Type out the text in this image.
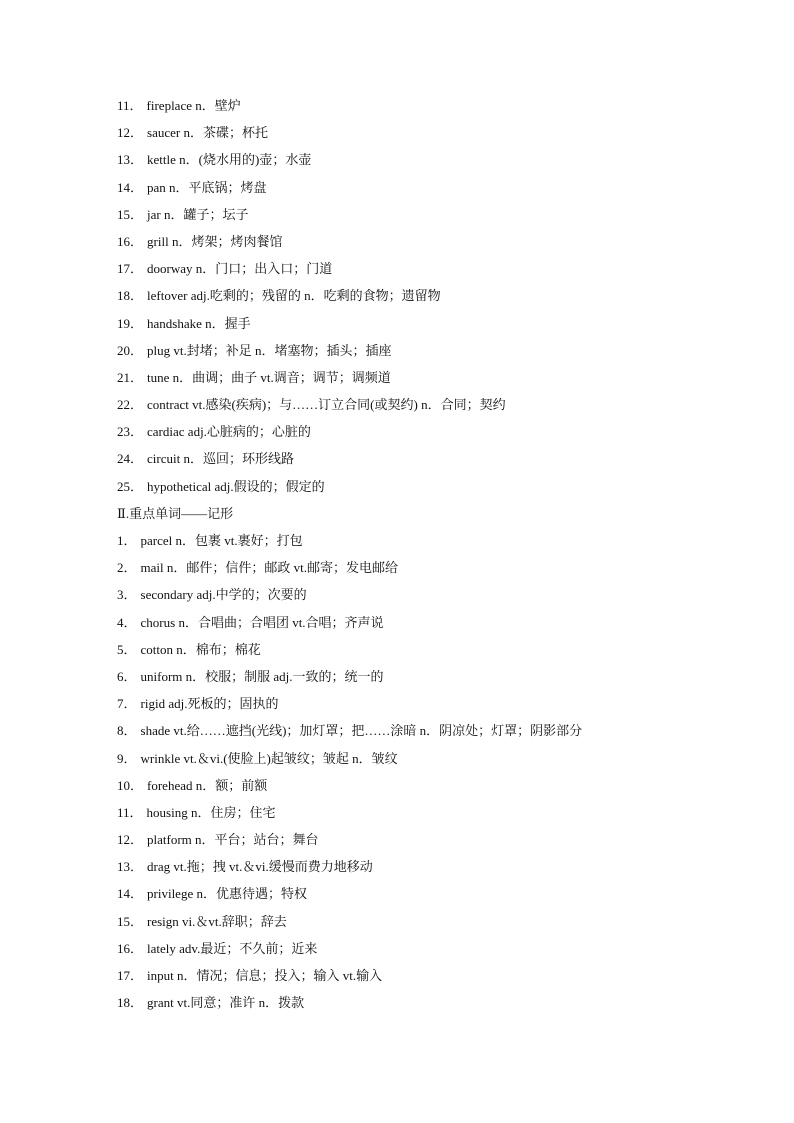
11． fireplace n．壁炉
12． saucer n．茶碟；杯托
13． kettle n．(烧水用的)壶；水壶
14． pan n．平底锅；烤盘
15． jar n．罐子；坛子
16． grill n．烤架；烤肉餐馆
17． doorway n．门口；出入口；门道
18． leftover adj.吃剩的；残留的 n．吃剩的食物；遗留物
19． handshake n．握手
20． plug vt.封堵；补足 n．堵塞物；插头；插座
21． tune n．曲调；曲子 vt.调音；调节；调频道
22． contract vt.感染(疾病)；与……订立合同(或契约) n．合同；契约
23． cardiac adj.心脏病的；心脏的
24． circuit n．巡回；环形线路
25． hypothetical adj.假设的；假定的
Ⅱ.重点单词——记形
1． parcel n．包裹 vt.裹好；打包
2． mail n．邮件；信件；邮政 vt.邮寄；发电邮给
3． secondary adj.中学的；次要的
4． chorus n．合唱曲；合唱团 vt.合唱；齐声说
5． cotton n．棉布；棉花
6． uniform n．校服；制服 adj.一致的；统一的
7． rigid adj.死板的；固执的
8． shade vt.给……遮挡(光线)；加灯罩；把……涂暗 n．阴凉处；灯罩；阴影部分
9． wrinkle vt.＆vi.(使脸上)起皱纹；皱起 n．皱纹
10． forehead n．额；前额
11． housing n．住房；住宅
12． platform n．平台；站台；舞台
13． drag vt.拖；拽 vt.＆vi.缓慢而费力地移动
14． privilege n．优惠待遇；特权
15． resign vi.＆vt.辞职；辞去
16． lately adv.最近；不久前；近来
17． input n．情况；信息；投入；输入 vt.输入
18． grant vt.同意；准许 n．拨款
